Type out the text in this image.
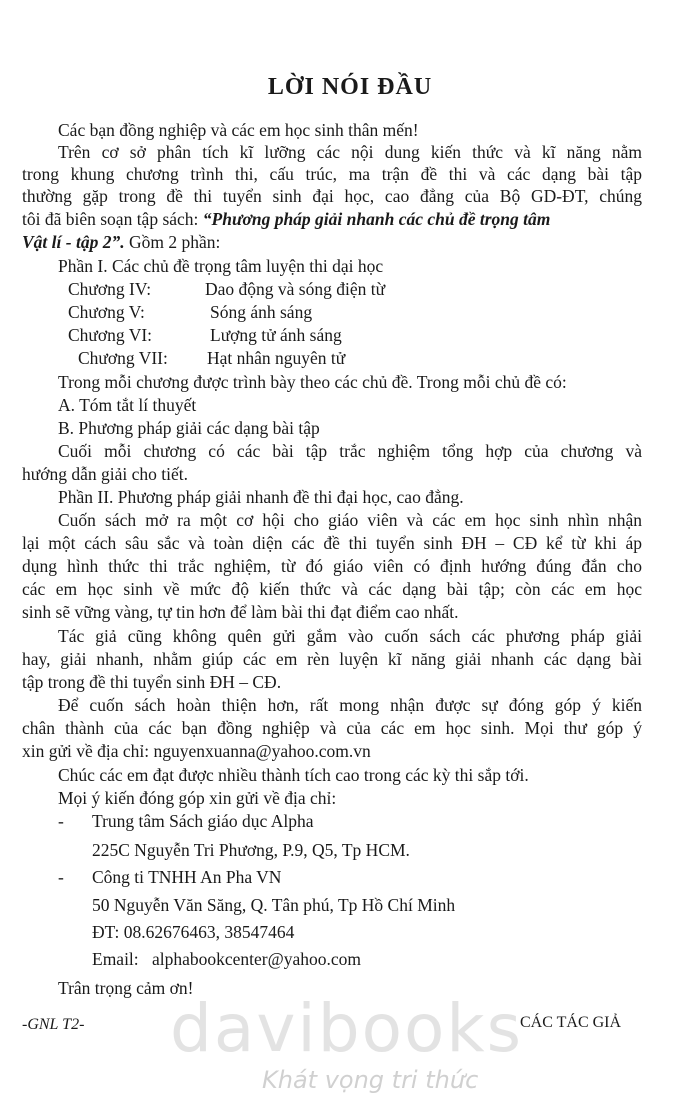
LỜI NÓI ĐẦU
Các bạn đồng nghiệp và các em học sinh thân mến!
Trên cơ sở phân tích kĩ lưỡng các nội dung kiến thức và kĩ năng nằm
trong khung chương trình thi, cấu trúc, ma trận đề thi và các dạng bài tập
thường gặp trong đề thi tuyển sinh đại học, cao đẳng của Bộ GD-ĐT, chúng
tôi đã biên soạn tập sách: “Phương pháp giải nhanh các chủ đề trọng tâm
Vật lí - tập 2”. Gồm 2 phần:
Phần I. Các chủ đề trọng tâm luyện thi dại học
Chương IV:	Dao động và sóng điện từ
Chương V:	Sóng ánh sáng
Chương VI:	Lượng tử ánh sáng
Chương VII: Hạt nhân nguyên tử
Trong mỗi chương được trình bày theo các chủ đề. Trong mỗi chủ đề có:
A. Tóm tắt lí thuyết
B. Phương pháp giải các dạng bài tập
Cuối mỗi chương có các bài tập trắc nghiệm tổng hợp của chương và
hướng dẫn giải cho tiết.
Phần II. Phương pháp giải nhanh đề thi đại học, cao đẳng.
Cuốn sách mở ra một cơ hội cho giáo viên và các em học sinh nhìn nhận
lại một cách sâu sắc và toàn diện các đề thi tuyển sinh ĐH – CĐ kể từ khi áp
dụng hình thức thi trắc nghiệm, từ đó giáo viên có định hướng đúng đắn cho
các em học sinh về mức độ kiến thức và các dạng bài tập; còn các em học
sinh sẽ vững vàng, tự tin hơn để làm bài thi đạt điểm cao nhất.
Tác giả cũng không quên gửi gắm vào cuốn sách các phương pháp giải
hay, giải nhanh, nhằm giúp các em rèn luyện kĩ năng giải nhanh các dạng bài
tập trong đề thi tuyển sinh ĐH – CĐ.
Để cuốn sách hoàn thiện hơn, rất mong nhận được sự đóng góp ý kiến
chân thành của các bạn đồng nghiệp và của các em học sinh. Mọi thư góp ý
xin gửi về địa chỉ: nguyenxuanna@yahoo.com.vn
Chúc các em đạt được nhiều thành tích cao trong các kỳ thi sắp tới.
Mọi ý kiến đóng góp xin gửi về địa chỉ:
- Trung tâm Sách giáo dục Alpha
225C Nguyễn Tri Phương, P.9, Q5, Tp HCM.
- Công ti TNHH An Pha VN
50 Nguyễn Văn Săng, Q. Tân phú, Tp Hồ Chí Minh
ĐT: 08.62676463, 38547464
Email: alphabookcenter@yahoo.com
Trân trọng cảm ơn!
davibooks
Khát vọng tri thức
CÁC TÁC GIẢ
-GNL T2-
